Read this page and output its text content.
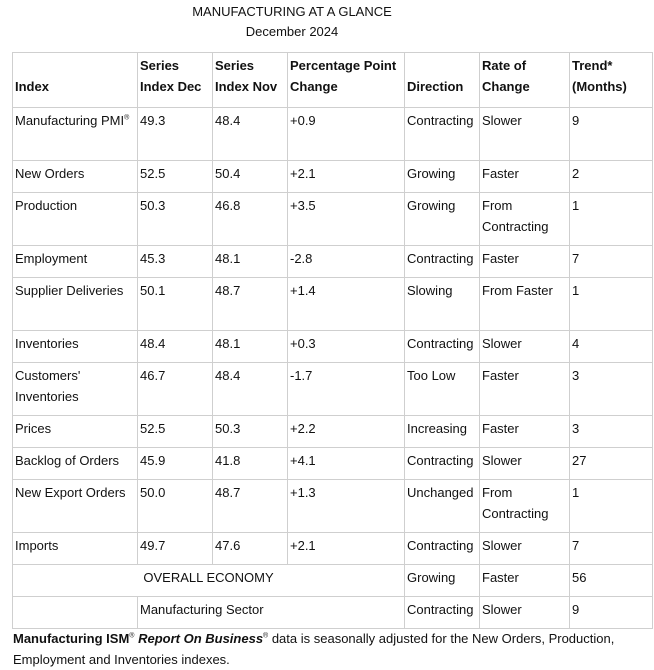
MANUFACTURING AT A GLANCE
December 2024
Index	Series Index Dec	Series Index Nov	Percentage Point Change	Direction	Rate of Change	Trend* (Months)
Manufacturing PMI®	49.3	48.4	+0.9	Contracting	Slower	9
New Orders	52.5	50.4	+2.1	Growing	Faster	2
Production	50.3	46.8	+3.5	Growing	From Contracting	1
Employment	45.3	48.1	-2.8	Contracting	Faster	7
Supplier Deliveries	50.1	48.7	+1.4	Slowing	From Faster	1
Inventories	48.4	48.1	+0.3	Contracting	Slower	4
Customers' Inventories	46.7	48.4	-1.7	Too Low	Faster	3
Prices	52.5	50.3	+2.2	Increasing	Faster	3
Backlog of Orders	45.9	41.8	+4.1	Contracting	Slower	27
New Export Orders	50.0	48.7	+1.3	Unchanged	From Contracting	1
Imports	49.7	47.6	+2.1	Contracting	Slower	7
OVERALL ECONOMY				Growing	Faster	56
	Manufacturing Sector			Contracting	Slower	9
Manufacturing ISM® Report On Business® data is seasonally adjusted for the New Orders, Production, Employment and Inventories indexes.
